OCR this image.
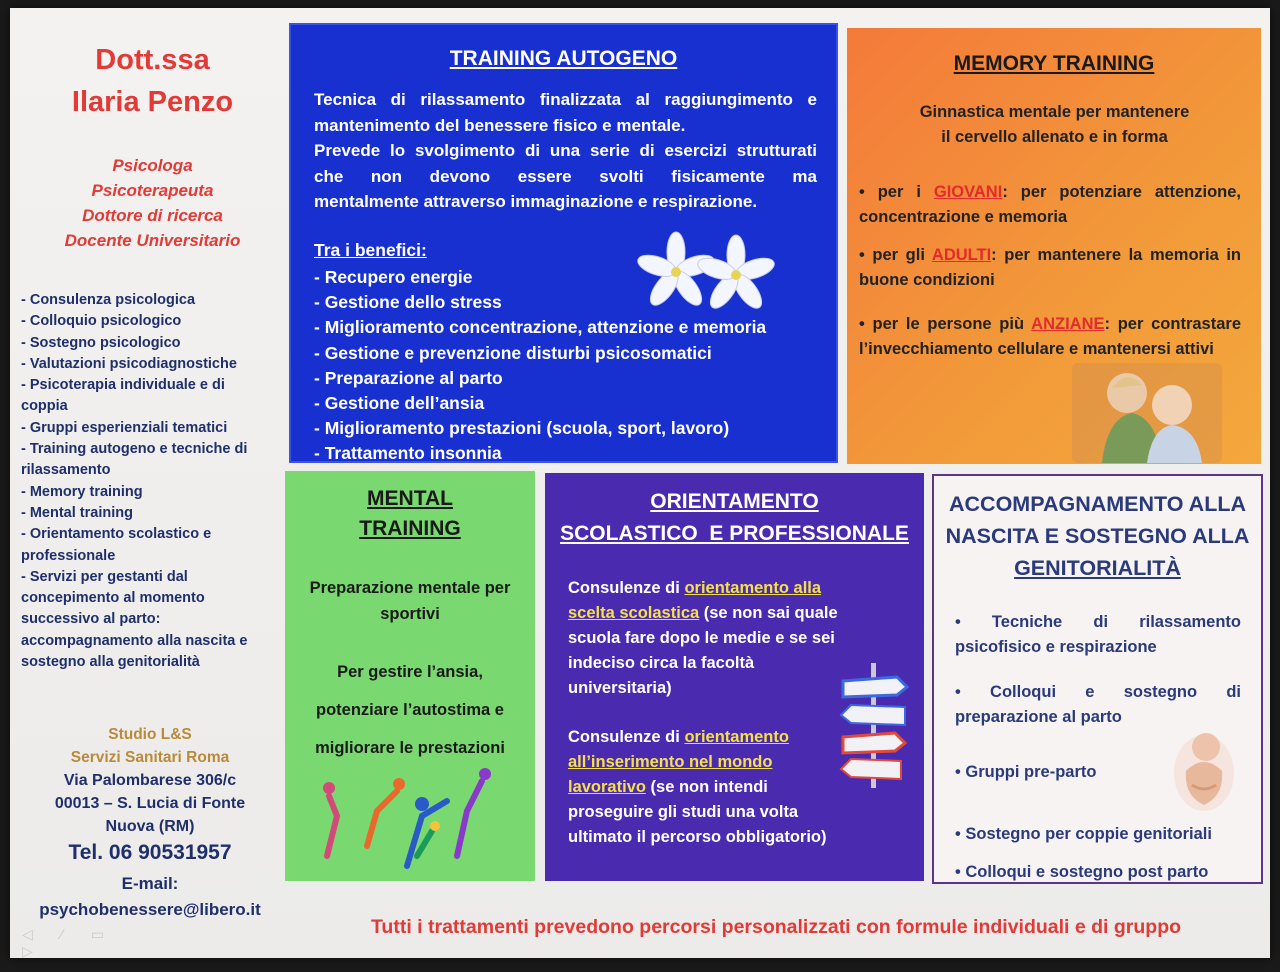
Dott.ssa
Ilaria Penzo
Psicologa
Psicoterapeuta
Dottore di ricerca
Docente Universitario
- Consulenza psicologica
- Colloquio psicologico
- Sostegno psicologico
- Valutazioni psicodiagnostiche
- Psicoterapia individuale e di coppia
- Gruppi esperienziali tematici
- Training autogeno e tecniche di rilassamento
- Memory training
- Mental training
- Orientamento scolastico e professionale
- Servizi per gestanti dal concepimento al momento successivo al parto: accompagnamento alla nascita e sostegno alla genitorialità
Studio L&S
Servizi Sanitari Roma
Via Palombarese 306/c
00013 – S. Lucia di Fonte
Nuova (RM)
Tel. 06 90531957
E-mail:
psychobenessere@libero.it
◁ ⁄ ▭ ▷
TRAINING AUTOGENO
Tecnica di rilassamento finalizzata al raggiungimento e
mantenimento del benessere fisico e mentale.
Prevede lo svolgimento di una serie di esercizi strutturati
che non devono essere svolti fisicamente ma
mentalmente attraverso immaginazione e respirazione.
Tra i benefici:
- Recupero energie
- Gestione dello stress
- Miglioramento concentrazione, attenzione e memoria
- Gestione e prevenzione disturbi psicosomatici
- Preparazione al parto
- Gestione dell’ansia
- Miglioramento prestazioni (scuola, sport, lavoro)
- Trattamento insonnia
MEMORY TRAINING
Ginnastica mentale per mantenere
il cervello allenato e in forma
• per i GIOVANI: per potenziare attenzione, concentrazione e memoria
• per gli ADULTI: per mantenere la memoria in buone condizioni
• per le persone più ANZIANE: per contrastare l’invecchiamento cellulare e mantenersi attivi
MENTAL
TRAINING
Preparazione mentale per sportivi
Per gestire l’ansia, potenziare l’autostima e migliorare le prestazioni
ORIENTAMENTO
SCOLASTICO  E PROFESSIONALE
Consulenze di orientamento alla scelta scolastica (se non sai quale scuola fare dopo le medie e se sei indeciso circa la facoltà universitaria)
Consulenze di orientamento all’inserimento nel mondo lavorativo (se non intendi proseguire gli studi una volta ultimato il percorso obbligatorio)
ACCOMPAGNAMENTO ALLA
NASCITA E SOSTEGNO ALLA
GENITORIALITÀ
• Tecniche di rilassamento
psicofisico e respirazione
• Colloqui e sostegno di
preparazione al parto
• Gruppi pre-parto
• Sostegno per coppie genitoriali
• Colloqui e sostegno post parto
Tutti i trattamenti prevedono percorsi personalizzati con formule individuali e di gruppo
